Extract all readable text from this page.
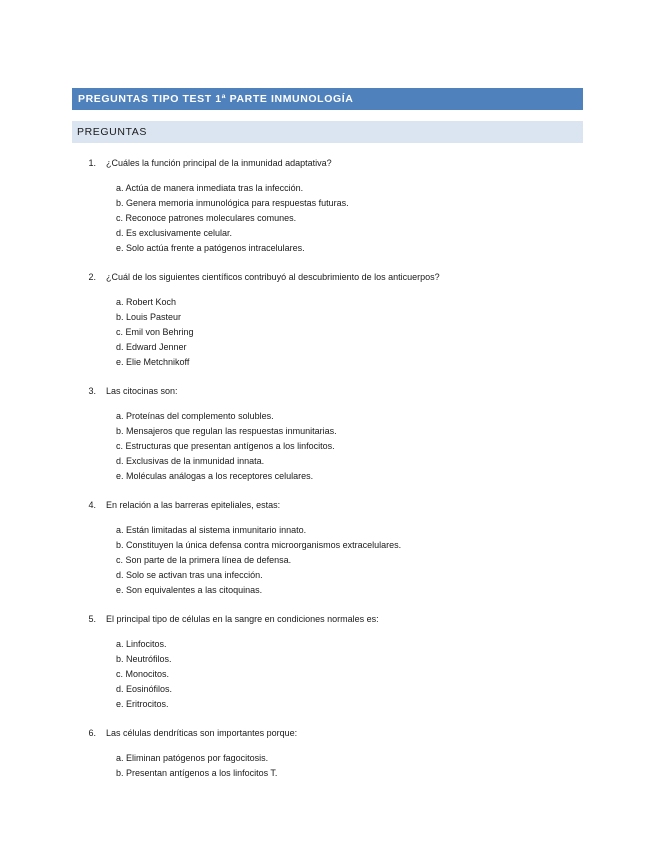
PREGUNTAS TIPO TEST 1ª PARTE INMUNOLOGÍA
PREGUNTAS
1.	¿Cuáles la función principal de la inmunidad adaptativa?
a. Actúa de manera inmediata tras la infección.
b. Genera memoria inmunológica para respuestas futuras.
c. Reconoce patrones moleculares comunes.
d. Es exclusivamente celular.
e. Solo actúa frente a patógenos intracelulares.
2.	¿Cuál de los siguientes científicos contribuyó al descubrimiento de los anticuerpos?
a. Robert Koch
b. Louis Pasteur
c. Emil von Behring
d. Edward Jenner
e. Elie Metchnikoff
3.	Las citocinas son:
a. Proteínas del complemento solubles.
b. Mensajeros que regulan las respuestas inmunitarias.
c. Estructuras que presentan antígenos a los linfocitos.
d. Exclusivas de la inmunidad innata.
e. Moléculas análogas a los receptores celulares.
4.	En relación a las barreras epiteliales, estas:
a. Están limitadas al sistema inmunitario innato.
b. Constituyen la única defensa contra microorganismos extracelulares.
c. Son parte de la primera línea de defensa.
d. Solo se activan tras una infección.
e. Son equivalentes a las citoquinas.
5.	El principal tipo de células en la sangre en condiciones normales es:
a. Linfocitos.
b. Neutrófilos.
c. Monocitos.
d. Eosinófilos.
e. Eritrocitos.
6.	Las células dendríticas son importantes porque:
a. Eliminan patógenos por fagocitosis.
b. Presentan antígenos a los linfocitos T.
